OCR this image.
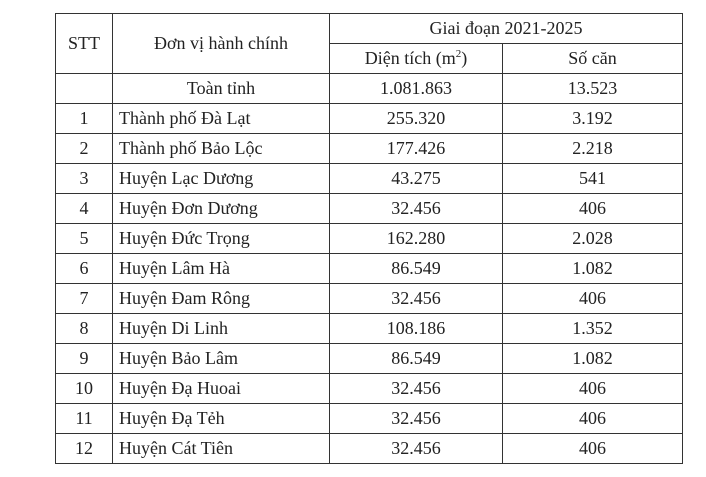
STT	Đơn vị hành chính	Giai đoạn 2021-2025	
		Diện tích $(m^2)$	Số căn
	Toàn tỉnh	1.081.863	13.523
1	Thành phố Đà Lạt	255.320	3.192
2	Thành phố Bảo Lộc	177.426	2.218
3	Huyện Lạc Dương	43.275	541
4	Huyện Đơn Dương	32.456	406
5	Huyện Đức Trọng	162.280	2.028
6	Huyện Lâm Hà	86.549	1.082
7	Huyện Đam Rông	32.456	406
8	Huyện Di Linh	108.186	1.352
9	Huyện Bảo Lâm	86.549	1.082
10	Huyện Đạ Huoai	32.456	406
11	Huyện Đạ Tẻh	32.456	406
12	Huyện Cát Tiên	32.456	406
